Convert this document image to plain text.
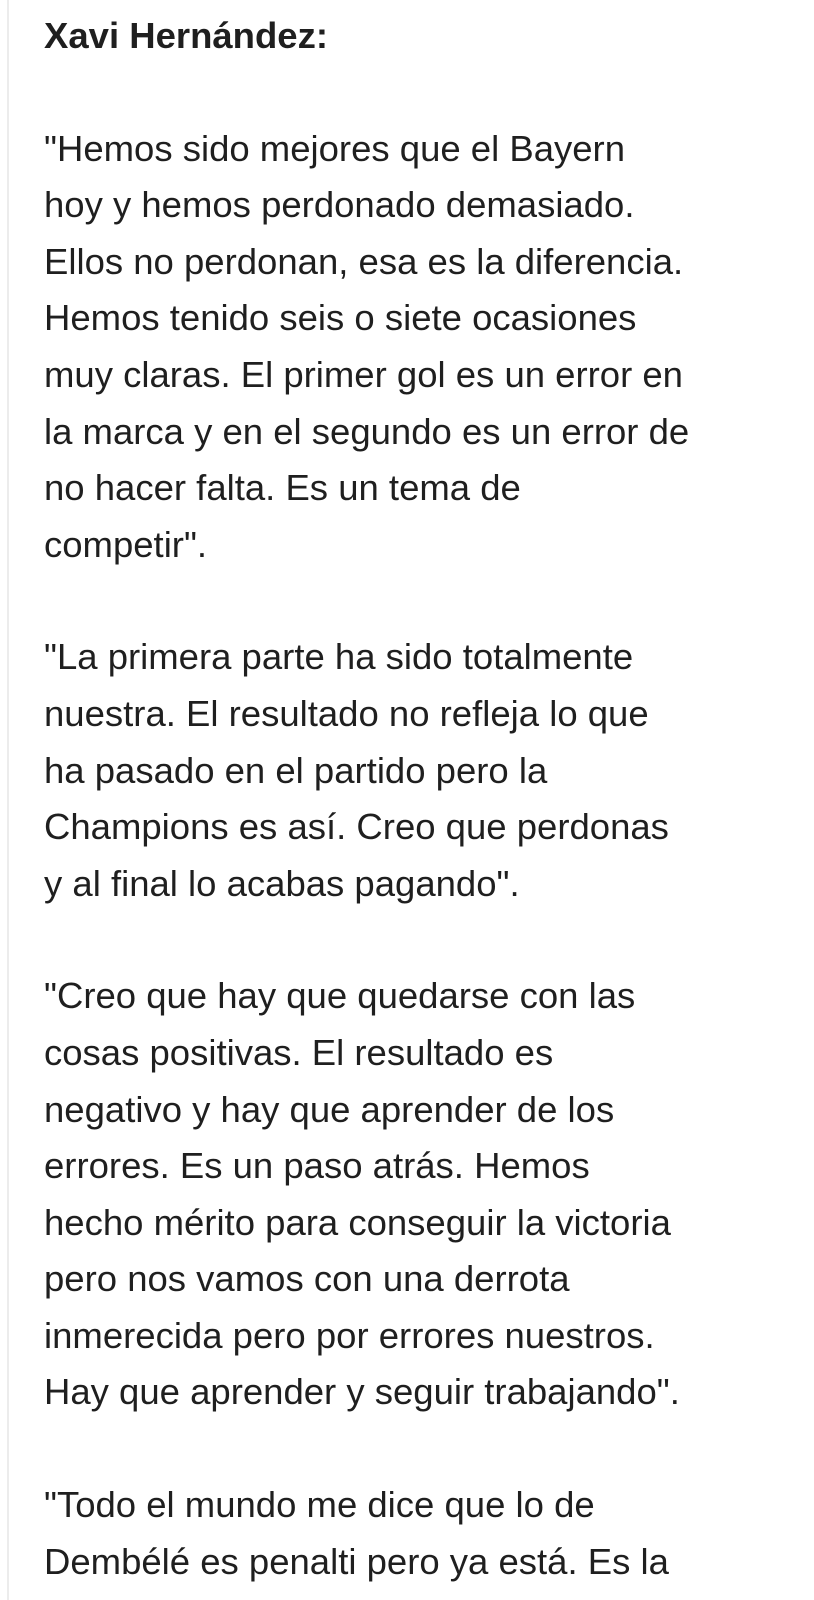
Xavi Hernández:
"Hemos sido mejores que el Bayern
hoy y hemos perdonado demasiado.
Ellos no perdonan, esa es la diferencia.
Hemos tenido seis o siete ocasiones
muy claras. El primer gol es un error en
la marca y en el segundo es un error de
no hacer falta. Es un tema de
competir".
"La primera parte ha sido totalmente
nuestra. El resultado no refleja lo que
ha pasado en el partido pero la
Champions es así. Creo que perdonas
y al final lo acabas pagando".
"Creo que hay que quedarse con las
cosas positivas. El resultado es
negativo y hay que aprender de los
errores. Es un paso atrás. Hemos
hecho mérito para conseguir la victoria
pero nos vamos con una derrota
inmerecida pero por errores nuestros.
Hay que aprender y seguir trabajando".
"Todo el mundo me dice que lo de
Dembélé es penalti pero ya está. Es la
